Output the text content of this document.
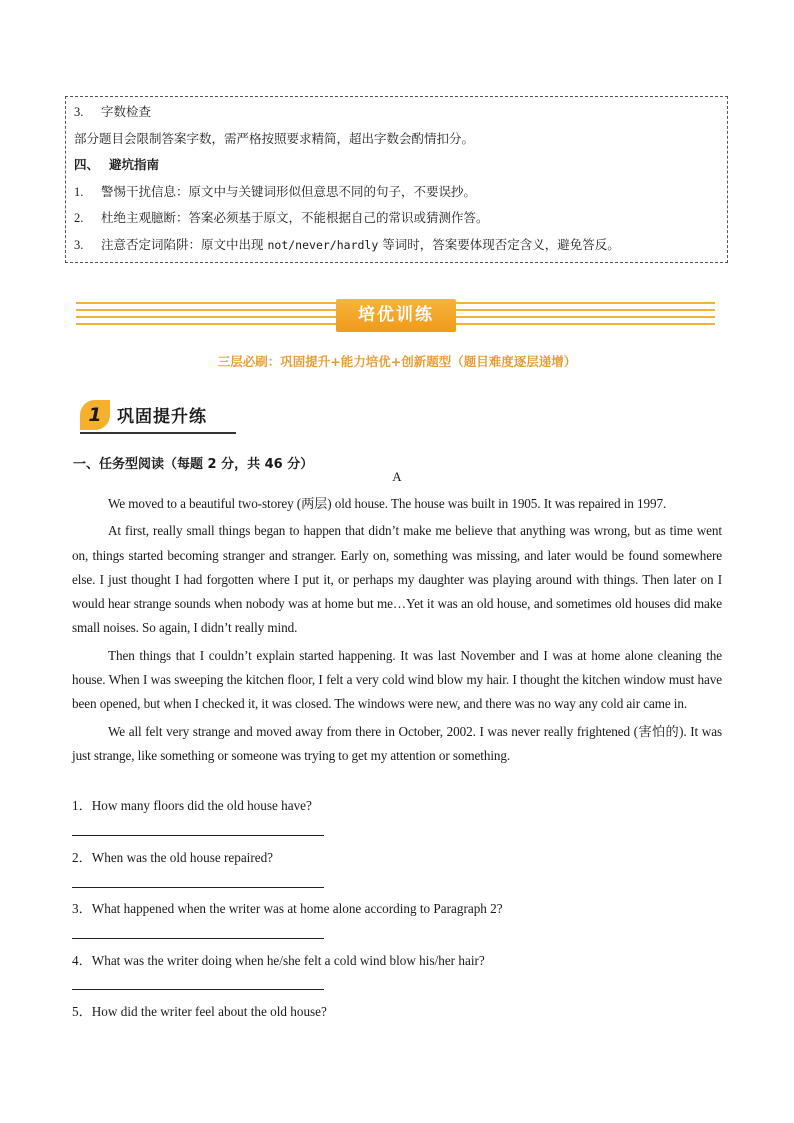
3. 字数检查
部分题目会限制答案字数，需严格按照要求精简，超出字数会酌情扣分。
四、 避坑指南
1. 警惕干扰信息：原文中与关键词形似但意思不同的句子，不要误抄。
2. 杜绝主观臆断：答案必须基于原文，不能根据自己的常识或猜测作答。
3. 注意否定词陷阱：原文中出现 not/never/hardly 等词时，答案要体现否定含义，避免答反。
培优训练
三层必刷：巩固提升+能力培优+创新题型（题目难度逐层递增）
1 巩固提升练
一、任务型阅读（每题 2 分，共 46 分）
A

We moved to a beautiful two-storey (两层) old house. The house was built in 1905. It was repaired in 1997.

At first, really small things began to happen that didn’t make me believe that anything was wrong, but as time went on, things started becoming stranger and stranger. Early on, something was missing, and later would be found somewhere else. I just thought I had forgotten where I put it, or perhaps my daughter was playing around with things. Then later on I would hear strange sounds when nobody was at home but me…Yet it was an old house, and sometimes old houses did make small noises. So again, I didn’t really mind.

Then things that I couldn’t explain started happening. It was last November and I was at home alone cleaning the house. When I was sweeping the kitchen floor, I felt a very cold wind blow my hair. I thought the kitchen window must have been opened, but when I checked it, it was closed. The windows were new, and there was no way any cold air came in.

We all felt very strange and moved away from there in October, 2002. I was never really frightened (害怕的). It was just strange, like something or someone was trying to get my attention or something.

1．How many floors did the old house have?
2．When was the old house repaired?
3．What happened when the writer was at home alone according to Paragraph 2?
4．What was the writer doing when he/she felt a cold wind blow his/her hair?
5．How did the writer feel about the old house?
